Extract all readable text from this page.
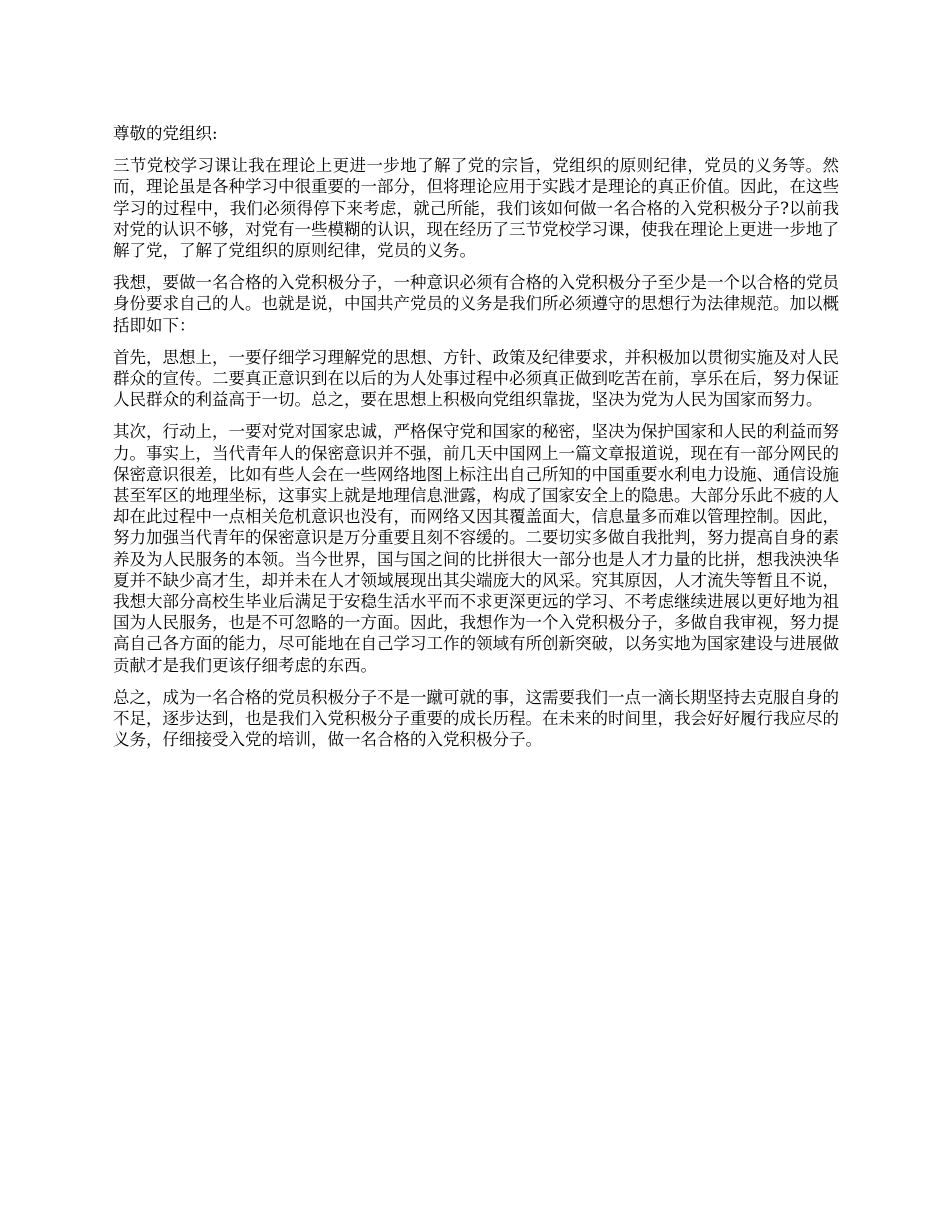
尊敬的党组织:

三节党校学习课让我在理论上更进一步地了解了党的宗旨，党组织的原则纪律，党员的义务等。然而，理论虽是各种学习中很重要的一部分，但将理论应用于实践才是理论的真正价值。因此，在这些学习的过程中，我们必须得停下来考虑，就己所能，我们该如何做一名合格的入党积极分子?以前我对党的认识不够，对党有一些模糊的认识，现在经历了三节党校学习课，使我在理论上更进一步地了解了党，了解了党组织的原则纪律，党员的义务。

我想，要做一名合格的入党积极分子，一种意识必须有合格的入党积极分子至少是一个以合格的党员身份要求自己的人。也就是说，中国共产党员的义务是我们所必须遵守的思想行为法律规范。加以概括即如下：

首先，思想上，一要仔细学习理解党的思想、方针、政策及纪律要求，并积极加以贯彻实施及对人民群众的宣传。二要真正意识到在以后的为人处事过程中必须真正做到吃苦在前，享乐在后，努力保证人民群众的利益高于一切。总之，要在思想上积极向党组织靠拢，坚决为党为人民为国家而努力。

其次，行动上，一要对党对国家忠诚，严格保守党和国家的秘密，坚决为保护国家和人民的利益而努力。事实上，当代青年人的保密意识并不强，前几天中国网上一篇文章报道说，现在有一部分网民的保密意识很差，比如有些人会在一些网络地图上标注出自己所知的中国重要水利电力设施、通信设施甚至军区的地理坐标，这事实上就是地理信息泄露，构成了国家安全上的隐患。大部分乐此不疲的人却在此过程中一点相关危机意识也没有，而网络又因其覆盖面大，信息量多而难以管理控制。因此，努力加强当代青年的保密意识是万分重要且刻不容缓的。二要切实多做自我批判，努力提高自身的素养及为人民服务的本领。当今世界，国与国之间的比拼很大一部分也是人才力量的比拼，想我泱泱华夏并不缺少高才生，却并未在人才领域展现出其尖端庞大的风采。究其原因，人才流失等暂且不说，我想大部分高校生毕业后满足于安稳生活水平而不求更深更远的学习、不考虑继续进展以更好地为祖国为人民服务，也是不可忽略的一方面。因此，我想作为一个入党积极分子，多做自我审视，努力提高自己各方面的能力，尽可能地在自己学习工作的领域有所创新突破，以务实地为国家建设与进展做贡献才是我们更该仔细考虑的东西。

总之，成为一名合格的党员积极分子不是一蹴可就的事，这需要我们一点一滴长期坚持去克服自身的不足，逐步达到，也是我们入党积极分子重要的成长历程。在未来的时间里，我会好好履行我应尽的义务，仔细接受入党的培训，做一名合格的入党积极分子。
